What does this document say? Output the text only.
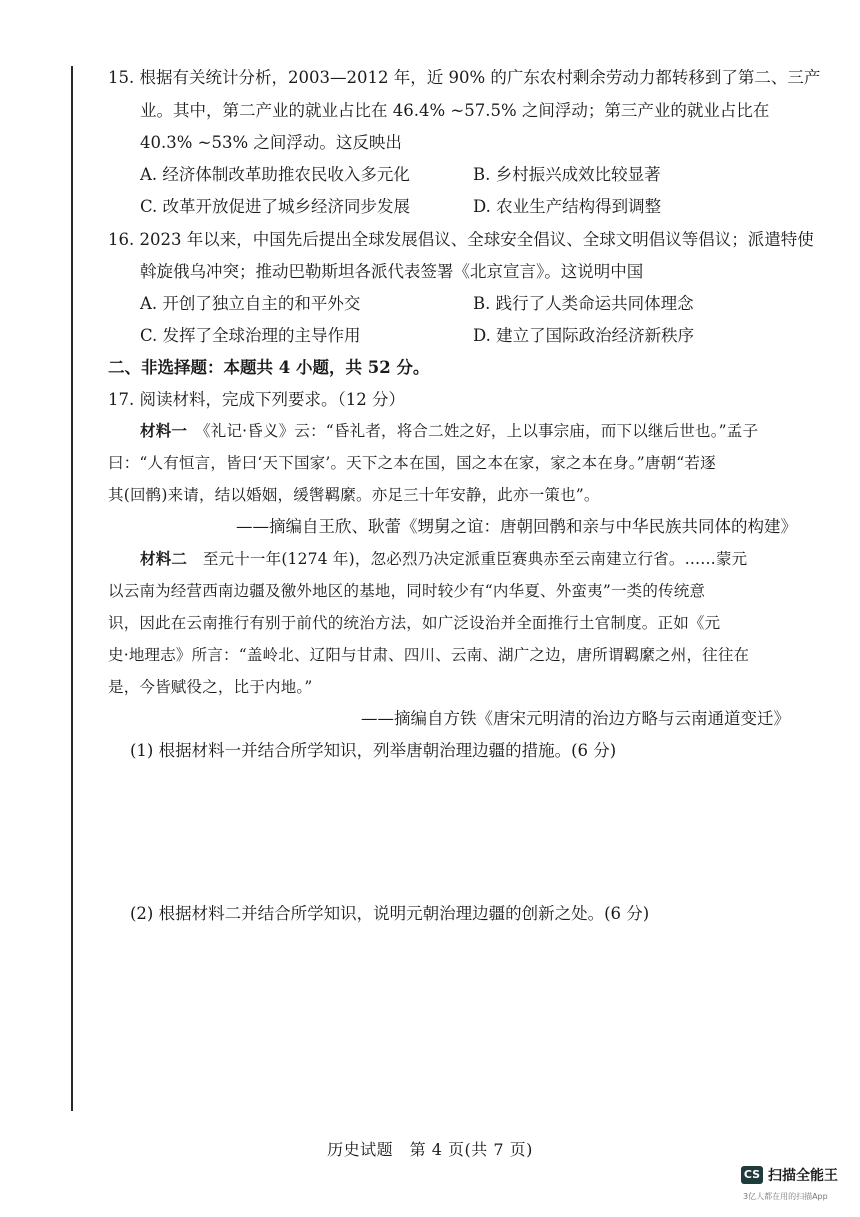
15. 根据有关统计分析，2003—2012 年，近 90% 的广东农村剩余劳动力都转移到了第二、三产
业。其中，第二产业的就业占比在 46.4% ~57.5% 之间浮动；第三产业的就业占比在
40.3% ~53% 之间浮动。这反映出
A. 经济体制改革助推农民收入多元化	B. 乡村振兴成效比较显著
C. 改革开放促进了城乡经济同步发展	D. 农业生产结构得到调整
16. 2023 年以来，中国先后提出全球发展倡议、全球安全倡议、全球文明倡议等倡议；派遣特使
斡旋俄乌冲突；推动巴勒斯坦各派代表签署《北京宣言》。这说明中国
A. 开创了独立自主的和平外交	B. 践行了人类命运共同体理念
C. 发挥了全球治理的主导作用	D. 建立了国际政治经济新秩序
二、非选择题：本题共 4 小题，共 52 分。
17. 阅读材料，完成下列要求。（12 分）
材料一　 《礼记·昏义》云：“昏礼者，将合二姓之好，上以事宗庙，而下以继后世也。”孟子
曰：“人有恒言，皆曰‘天下国家’。天下之本在国，国之本在家，家之本在身。”唐朝“若逐
其(回鹘)来请，结以婚姻，缓辔羁縻。亦足三十年安静，此亦一策也”。
——摘编自王欣、耿蕾《甥舅之谊：唐朝回鹘和亲与中华民族共同体的构建》
材料二　 至元十一年(1274 年)，忽必烈乃决定派重臣赛典赤至云南建立行省。……蒙元
以云南为经营西南边疆及徼外地区的基地，同时较少有“内华夏、外蛮夷”一类的传统意
识，因此在云南推行有别于前代的统治方法，如广泛设治并全面推行土官制度。正如《元
史·地理志》所言：“盖岭北、辽阳与甘肃、四川、云南、湖广之边，唐所谓羁縻之州，往往在
是，今皆赋役之，比于内地。”
——摘编自方铁《唐宋元明清的治边方略与云南通道变迁》
(1) 根据材料一并结合所学知识，列举唐朝治理边疆的措施。(6 分)
(2) 根据材料二并结合所学知识，说明元朝治理边疆的创新之处。(6 分)
历史试题　第 4 页(共 7 页)
CS 扫描全能王
3亿人都在用的扫描App
